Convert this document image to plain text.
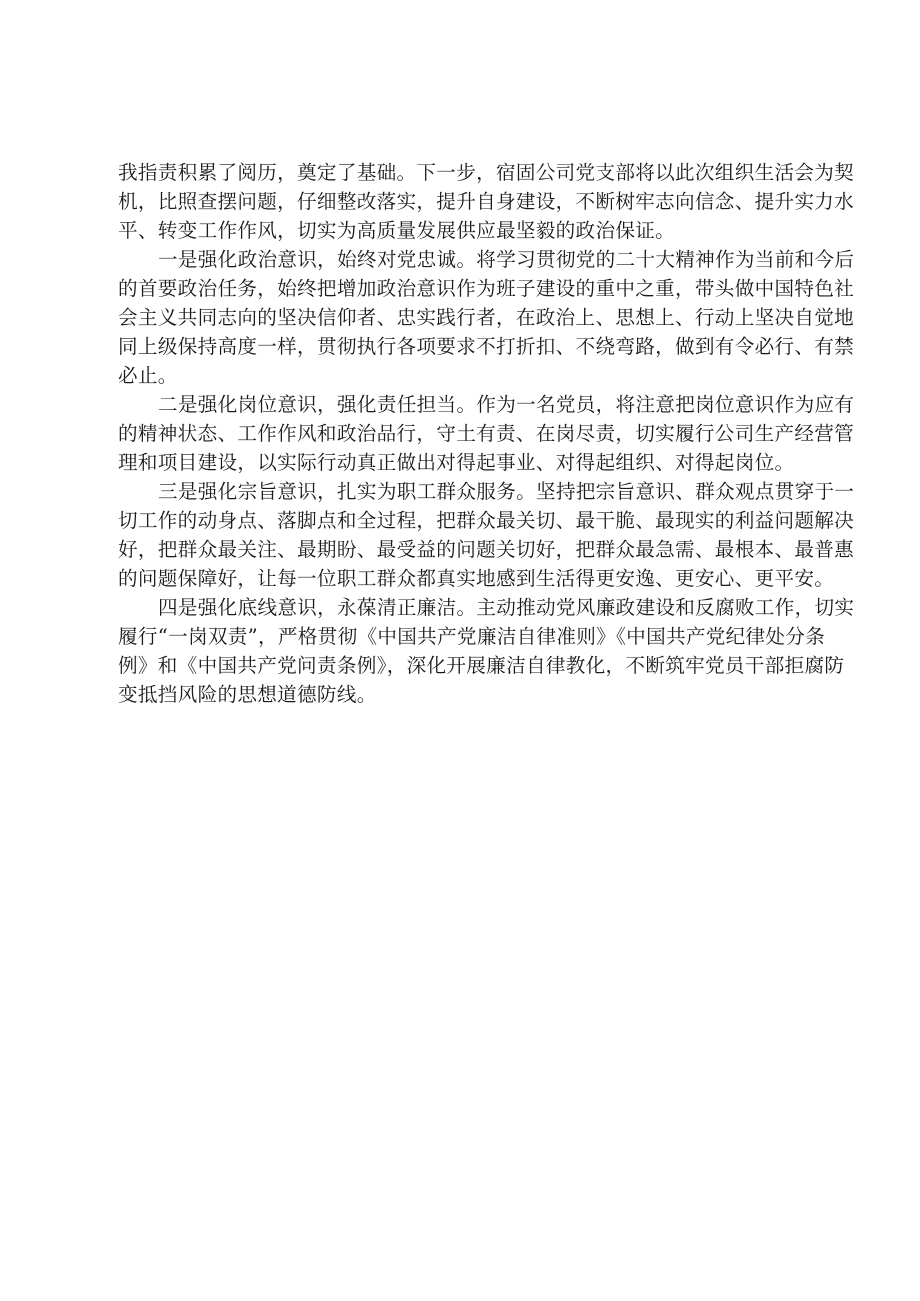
我指责积累了阅历，奠定了基础。下一步，宿固公司党支部将以此次组织生活会为契
机，比照查摆问题，仔细整改落实，提升自身建设，不断树牢志向信念、提升实力水
平、转变工作作风，切实为高质量发展供应最坚毅的政治保证。

一是强化政治意识，始终对党忠诚。将学习贯彻党的二十大精神作为当前和今后
的首要政治任务，始终把增加政治意识作为班子建设的重中之重，带头做中国特色社
会主义共同志向的坚决信仰者、忠实践行者，在政治上、思想上、行动上坚决自觉地
同上级保持高度一样，贯彻执行各项要求不打折扣、不绕弯路，做到有令必行、有禁
必止。

二是强化岗位意识，强化责任担当。作为一名党员，将注意把岗位意识作为应有
的精神状态、工作作风和政治品行，守土有责、在岗尽责，切实履行公司生产经营管
理和项目建设，以实际行动真正做出对得起事业、对得起组织、对得起岗位。

三是强化宗旨意识，扎实为职工群众服务。坚持把宗旨意识、群众观点贯穿于一
切工作的动身点、落脚点和全过程，把群众最关切、最干脆、最现实的利益问题解决
好，把群众最关注、最期盼、最受益的问题关切好，把群众最急需、最根本、最普惠
的问题保障好，让每一位职工群众都真实地感到生活得更安逸、更安心、更平安。

四是强化底线意识，永葆清正廉洁。主动推动党风廉政建设和反腐败工作，切实
履行“一岗双责”，严格贯彻《中国共产党廉洁自律准则》《中国共产党纪律处分条
例》和《中国共产党问责条例》，深化开展廉洁自律教化，不断筑牢党员干部拒腐防
变抵挡风险的思想道德防线。
